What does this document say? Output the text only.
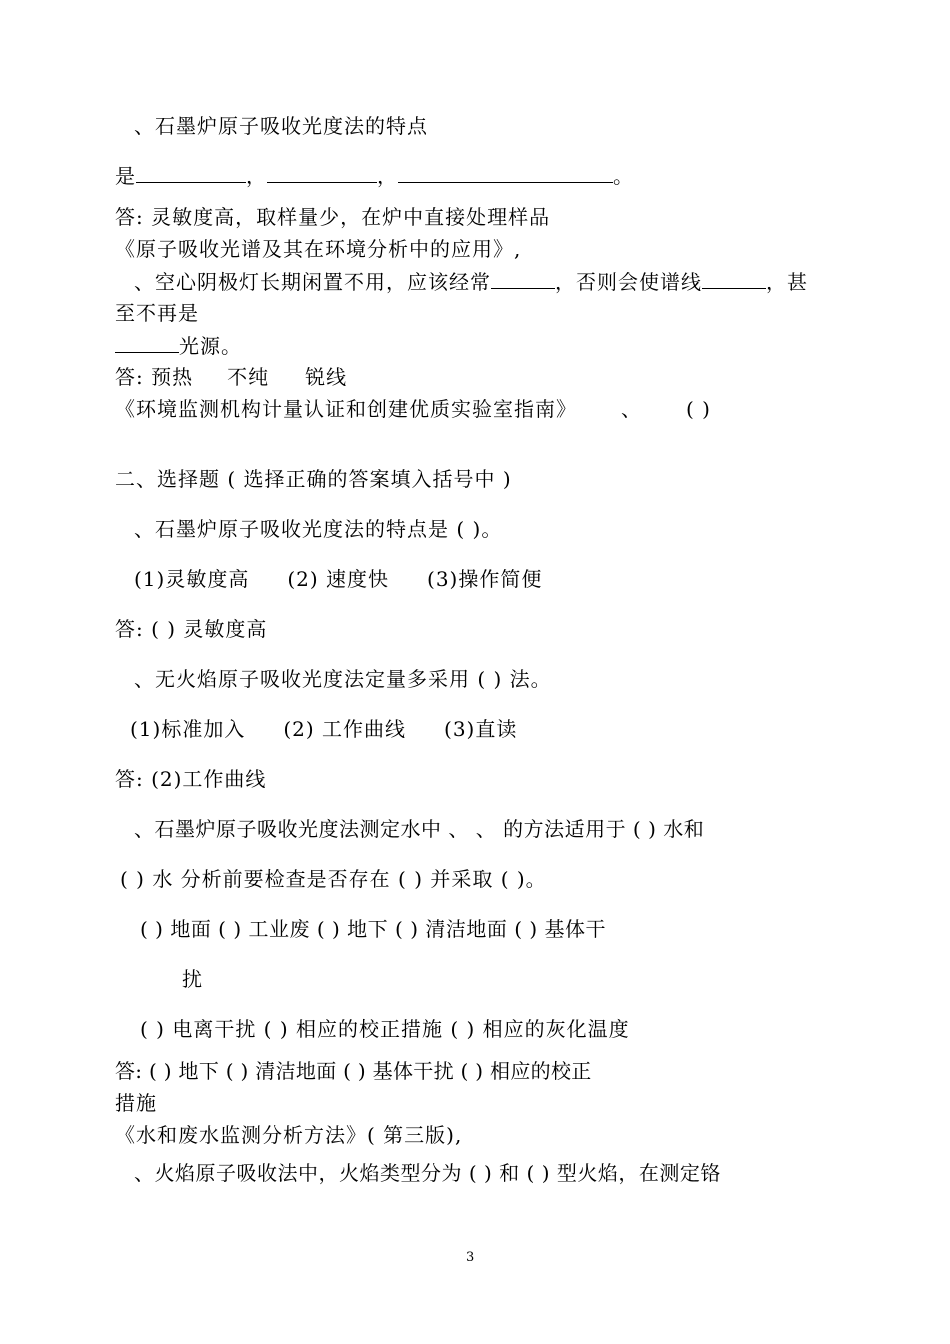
、石墨炉原子吸收光度法的特点
是	，	，	。
答: 灵敏度高，取样量少，在炉中直接处理样品
《原子吸收光谱及其在环境分析中的应用》,
、空心阴极灯长期闲置不用，应该经常	，否则会使谱线	，甚
至不再是
光源。
答: 预热 不纯 锐线
《环境监测机构计量认证和创建优质实验室指南》 、 ( )
二、选择题 ( 选择正确的答案填入括号中 )
、石墨炉原子吸收光度法的特点是 ( )。
(1)灵敏度高 (2) 速度快 (3)操作简便
答: ( ) 灵敏度高
、无火焰原子吸收光度法定量多采用 ( ) 法。
(1)标准加入 (2) 工作曲线 (3)直读
答: (2)工作曲线
、石墨炉原子吸收光度法测定水中 、 、 的方法适用于 ( ) 水和
( ) 水 分析前要检查是否存在 ( ) 并采取 ( )。
( ) 地面 ( ) 工业废 ( ) 地下 ( ) 清洁地面 ( ) 基体干
扰
( ) 电离干扰 ( ) 相应的校正措施 ( ) 相应的灰化温度
答: ( ) 地下 ( ) 清洁地面 ( ) 基体干扰 ( ) 相应的校正
措施
《水和废水监测分析方法》( 第三版),
、火焰原子吸收法中，火焰类型分为 ( ) 和 ( ) 型火焰，在测定铬
3
